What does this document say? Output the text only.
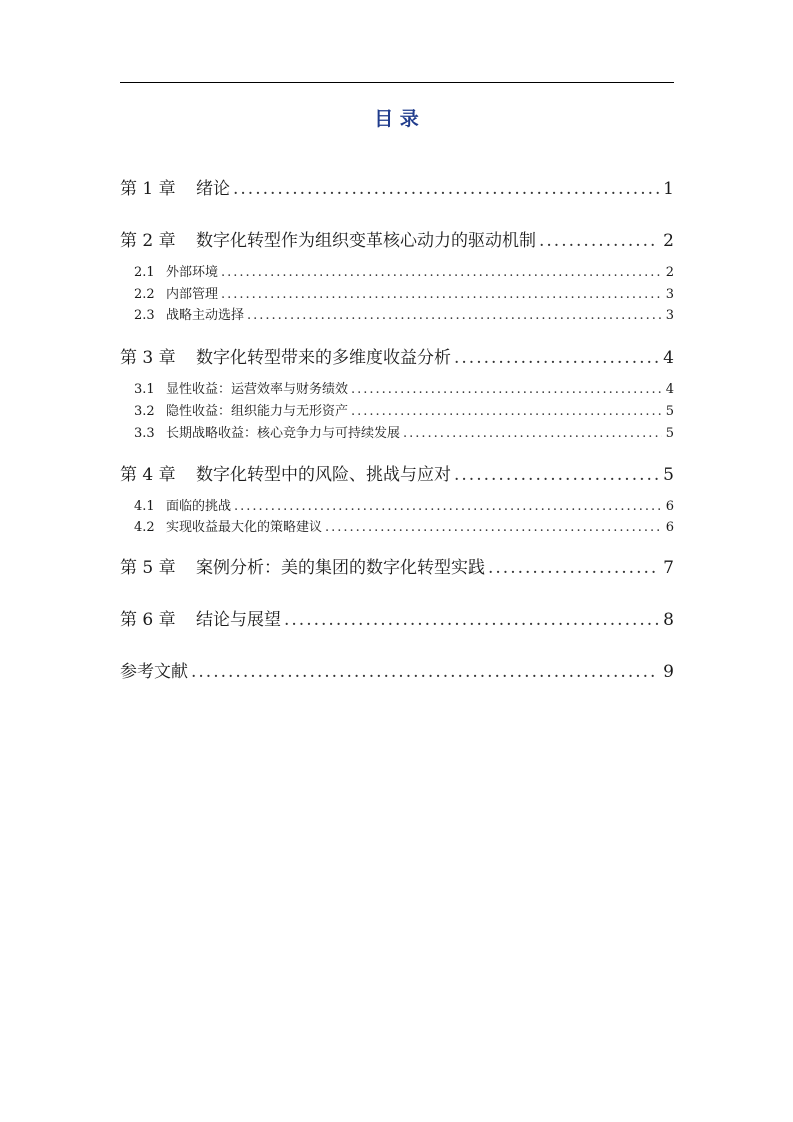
目 录
第 1 章 绪论 .....	1
第 2 章 数字化转型作为组织变革核心动力的驱动机制 .....	2
2.1 外部环境 .....	2
2.2 内部管理 .....	3
2.3 战略主动选择 .....	3
第 3 章 数字化转型带来的多维度收益分析 .....	4
3.1 显性收益：运营效率与财务绩效 .....	4
3.2 隐性收益：组织能力与无形资产 .....	5
3.3 长期战略收益：核心竞争力与可持续发展 .....	5
第 4 章 数字化转型中的风险、挑战与应对 .....	5
4.1 面临的挑战 .....	6
4.2 实现收益最大化的策略建议 .....	6
第 5 章 案例分析：美的集团的数字化转型实践 .....	7
第 6 章 结论与展望 .....	8
参考文献 .....	9
